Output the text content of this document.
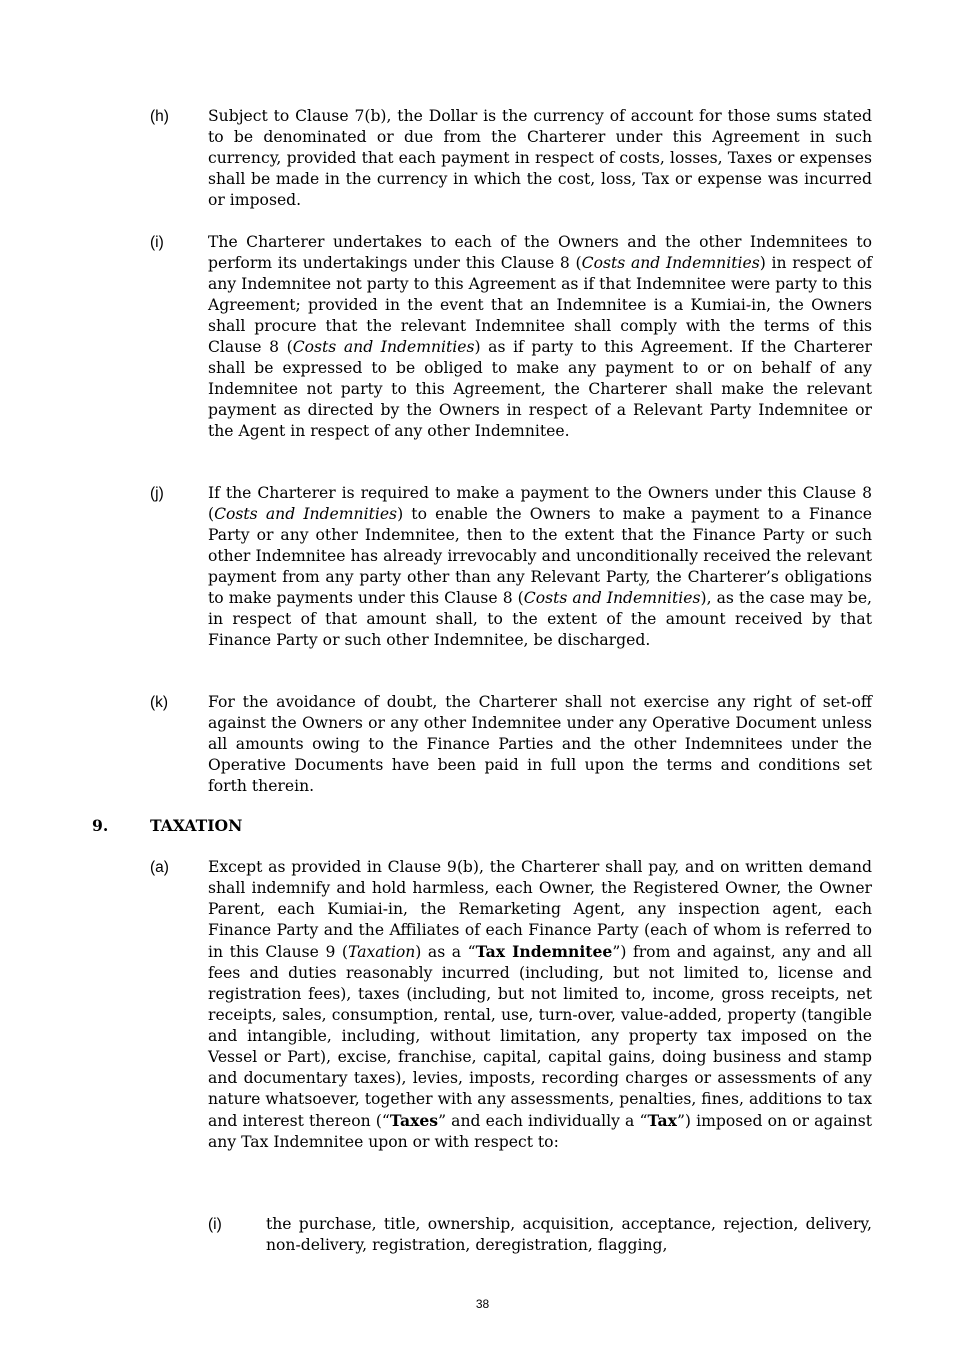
(h)	Subject to Clause 7(b), the Dollar is the currency of account for those sums stated to be denominated or due from the Charterer under this Agreement in such currency, provided that each payment in respect of costs, losses, Taxes or expenses shall be made in the currency in which the cost, loss, Tax or expense was incurred or imposed.

(i)	The Charterer undertakes to each of the Owners and the other Indemnitees to perform its undertakings under this Clause 8 (Costs and Indemnities) in respect of any Indemnitee not party to this Agreement as if that Indemnitee were party to this Agreement; provided in the event that an Indemnitee is a Kumiai-in, the Owners shall procure that the relevant Indemnitee shall comply with the terms of this Clause 8 (Costs and Indemnities) as if party to this Agreement. If the Charterer shall be expressed to be obliged to make any payment to or on behalf of any Indemnitee not party to this Agreement, the Charterer shall make the relevant payment as directed by the Owners in respect of a Relevant Party Indemnitee or the Agent in respect of any other Indemnitee.

(j)	If the Charterer is required to make a payment to the Owners under this Clause 8 (Costs and Indemnities) to enable the Owners to make a payment to a Finance Party or any other Indemnitee, then to the extent that the Finance Party or such other Indemnitee has already irrevocably and unconditionally received the relevant payment from any party other than any Relevant Party, the Charterer’s obligations to make payments under this Clause 8 (Costs and Indemnities), as the case may be, in respect of that amount shall, to the extent of the amount received by that Finance Party or such other Indemnitee, be discharged.

(k)	For the avoidance of doubt, the Charterer shall not exercise any right of set-off against the Owners or any other Indemnitee under any Operative Document unless all amounts owing to the Finance Parties and the other Indemnitees under the Operative Documents have been paid in full upon the terms and conditions set forth therein.

9.	TAXATION
(a)	Except as provided in Clause 9(b), the Charterer shall pay, and on written demand shall indemnify and hold harmless, each Owner, the Registered Owner, the Owner Parent, each Kumiai-in, the Remarketing Agent, any inspection agent, each Finance Party and the Affiliates of each Finance Party (each of whom is referred to in this Clause 9 (Taxation) as a “Tax Indemnitee”) from and against, any and all fees and duties reasonably incurred (including, but not limited to, license and registration fees), taxes (including, but not limited to, income, gross receipts, net receipts, sales, consumption, rental, use, turn-over, value-added, property (tangible and intangible, including, without limitation, any property tax imposed on the Vessel or Part), excise, franchise, capital, capital gains, doing business and stamp and documentary taxes), levies, imposts, recording charges or assessments of any nature whatsoever, together with any assessments, penalties, fines, additions to tax and interest thereon (“Taxes” and each individually a “Tax”) imposed on or against any Tax Indemnitee upon or with respect to:

(i)	the purchase, title, ownership, acquisition, acceptance, rejection, delivery, non-delivery, registration, deregistration, flagging,

38
